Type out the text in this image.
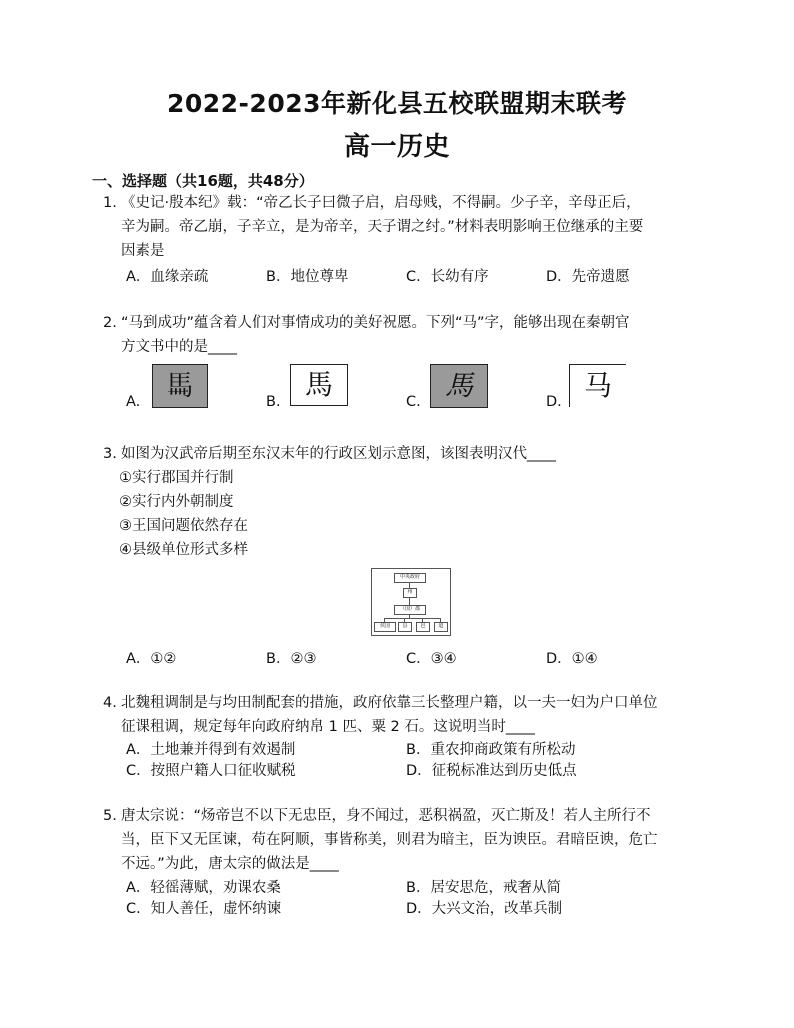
2022-2023年新化县五校联盟期末联考
高一历史
一、选择题（共16题，共48分）
1. 《史记·殷本纪》载：“帝乙长子曰微子启，启母贱，不得嗣。少子辛，辛母正后，
辛为嗣。帝乙崩，子辛立，是为帝辛，天子谓之纣。”材料表明影响王位继承的主要
因素是
A．血缘亲疏	B．地位尊卑	C．长幼有序	D．先帝遗愿
2. “马到成功”蕴含着人们对事情成功的美好祝愿。下列“马”字，能够出现在秦朝官
方文书中的是____
A.	B.	C.	D.
𩡧	馬	馬	马
3. 如图为汉武帝后期至东汉末年的行政区划示意图，该图表明汉代____
①实行郡国并行制
②实行内外朝制度
③王国问题依然存在
④县级单位形式多样
中央政府
州
（国）郡
侯国	县	邑	道
A．①②	B．②③	C．③④	D．①④
4. 北魏租调制是与均田制配套的措施，政府依靠三长整理户籍，以一夫一妇为户口单位
征课租调，规定每年向政府纳帛 1 匹、粟 2 石。这说明当时____
A．土地兼并得到有效遏制	B．重农抑商政策有所松动
C．按照户籍人口征收赋税	D．征税标准达到历史低点
5. 唐太宗说：“炀帝岂不以下无忠臣，身不闻过，恶积祸盈，灭亡斯及！若人主所行不
当，臣下又无匡谏，苟在阿顺，事皆称美，则君为暗主，臣为谀臣。君暗臣谀，危亡
不远。”为此，唐太宗的做法是____
A．轻徭薄赋，劝课农桑	B．居安思危，戒奢从简
C．知人善任，虚怀纳谏	D．大兴文治，改革兵制
